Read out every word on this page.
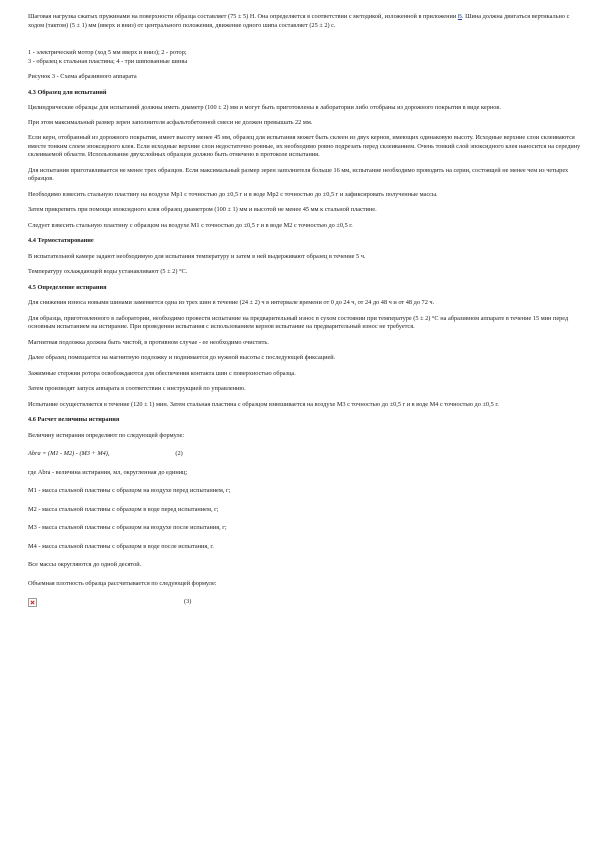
Шаговая нагрузка сжатых пружинами на поверхности образца составляет (75 ± 5) Н. Она определяется в соответствии с методикой, изложенной в приложении В. Шина должна двигаться вертикально с ходом (тактом) (5 ± 1) мм (вверх и вниз) от центрального положения, движение одного шипа составляет (25 ± 2) с.

1 - электрический мотор (ход 5 мм вверх и вниз); 2 - ротор;

3 - образец к стальная пластина; 4 - три шипованные шины

Рисунок 3 - Схема абразивного аппарата

4.3 Образец для испытаний

Цилиндрические образцы для испытаний должны иметь диаметр (100 ± 2) мм и могут быть приготовлены в лаборатории либо отобраны из дорожного покрытия в виде кернов.

При этом максимальный размер зерен заполнителя асфальтобетонной смеси не должен превышать 22 мм.

Если керн, отобранный из дорожного покрытия, имеет высоту менее 45 мм, образец для испытания может быть склеен из двух кернов, имеющих одинаковую высоту. Исходные верхние слои склеиваются вместе тонким слоем эпоксидного клея. Если исходные верхние слои недостаточно ровные, их необходимо ровно подрезать перед склеиванием. Очень тонкий слой эпоксидного клея наносится на середину склеиваемой области. Использование двухслойных образцов должно быть отмечено в протоколе испытания.

Для испытания приготавливается не менее трех образцов. Если максимальный размер зерен заполнителя больше 16 мм, испытание необходимо проводить на серии, состоящей не менее чем из четырех образцов.

Необходимо взвесить стальную пластину на воздухе Мр1 с точностью до ±0,5 г и в воде Мр2 с точностью до ±0,5 г и зафиксировать полученные массы.

Затем прикрепить при помощи эпоксидного клея образец диаметром (100 ± 1) мм и высотой не менее 45 мм к стальной пластине.

Следует взвесить стальную пластину с образцом на воздухе М1 с точностью до ±0,5 г и в воде М2 с точностью до ±0,5 г.

4.4 Термостатирование

В испытательной камере задают необходимую для испытания температуру и затем в ней выдерживают образец в течение 5 ч.

Температуру охлаждающей воды устанавливают (5 ± 2) °С.

4.5 Определение истирания

Для снижения износа новыми шинами заменяется одна из трех шин в течение (24 ± 2) ч в интервале времени от 0 до 24 ч, от 24 до 48 ч и от 48 до 72 ч.

Для образца, приготовленного в лаборатории, необходимо провести испытание на предварительный износ в сухом состоянии при температуре (5 ± 2) °С на абразивном аппарате в течение 15 мин перед основным испытанием на истирание. При проведении испытания с использованием кернов испытание на предварительный износ не требуется.

Магнитная подложка должна быть чистой, в противном случае - ее необходимо очистить.

Далее образец помещается на магнитную подложку и поднимается до нужной высоты с последующей фиксацией.

Зажимные стержни ротора освобождаются для обеспечения контакта шин с поверхностью образца.

Затем производят запуск аппарата в соответствии с инструкцией по управлению.

Испытание осуществляется в течение (120 ± 1) мин. Затем стальная пластина с образцом взвешивается на воздухе М3 с точностью до ±0,5 г и в воде М4 с точностью до ±0,5 г.

4.6 Расчет величины истирания

Величину истирания определяют по следующей формуле:

Abra = (M1 - M2) - (M3 + M4),	(2)

где Abra - величина истирания, мл, округленная до единиц;

М1 - масса стальной пластины с образцом на воздухе перед испытанием, г;

М2 - масса стальной пластины с образцом в воде перед испытанием, г;

М3 - масса стальной пластины с образцом на воздухе после испытания, г;

М4 - масса стальной пластины с образцом в воде после испытания, г.

Все массы округляются до одной десятой.

Объемная плотность образца рассчитывается по следующей формуле:

(3)
